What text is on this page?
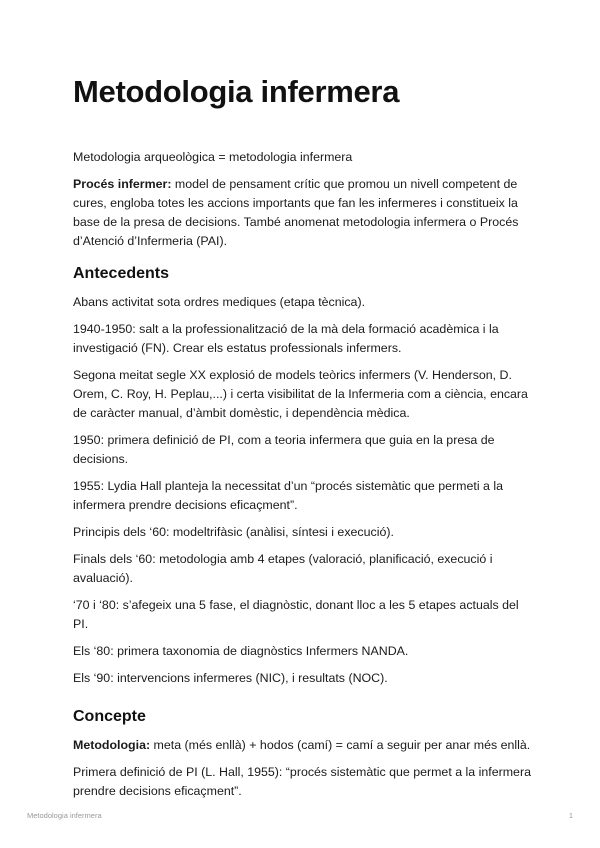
Metodologia infermera

Metodologia arqueològica = metodologia infermera

Procés infermer: model de pensament crític que promou un nivell competent de cures, engloba totes les accions importants que fan les infermeres i constitueix la base de la presa de decisions. També anomenat metodologia infermera o Procés d’Atenció d’Infermeria (PAI).

Antecedents

Abans activitat sota ordres mediques (etapa tècnica).

1940-1950: salt a la professionalització de la mà dela formació acadèmica i la investigació (FN). Crear els estatus professionals infermers.

Segona meitat segle XX explosió de models teòrics infermers (V. Henderson, D. Orem, C. Roy, H. Peplau,...) i certa visibilitat de la Infermeria com a ciència, encara de caràcter manual, d’àmbit domèstic, i dependència mèdica.

1950: primera definició de PI, com a teoria infermera que guia en la presa de decisions.

1955: Lydia Hall planteja la necessitat d’un “procés sistemàtic que permeti a la infermera prendre decisions eficaçment”.

Principis dels ‘60: modeltrifàsic (anàlisi, síntesi i execució).

Finals dels ‘60: metodologia amb 4 etapes (valoració, planificació, execució i avaluació).

‘70 i ‘80: s’afegeix una 5 fase, el diagnòstic, donant lloc a les 5 etapes actuals del PI.

Els ‘80: primera taxonomia de diagnòstics Infermers NANDA.

Els ‘90: intervencions infermeres (NIC), i resultats (NOC).

Concepte

Metodologia: meta (més enllà) + hodos (camí) = camí a seguir per anar més enllà.

Primera definició de PI (L. Hall, 1955): “procés sistemàtic que permet a la infermera prendre decisions eficaçment”.

Metodologia infermera	1
